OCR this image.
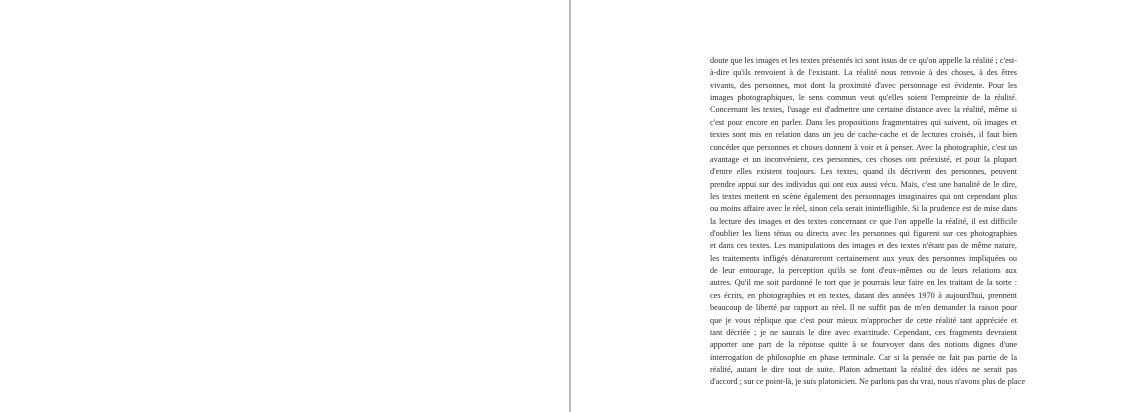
doute que les images et les textes présentés ici sont issus de ce qu'on appelle la réalité ; c'est-
à-dire qu'ils renvoient à de l'existant. La réalité nous renvoie à des choses, à des êtres
vivants, des personnes, mot dont la proximité d'avec personnage est évidente. Pour les
images photographiques, le sens commun veut qu'elles soient l'empreinte de la réalité.
Concernant les textes, l'usage est d'admettre une certaine distance avec la réalité, même si
c'est pour encore en parler. Dans les propositions fragmentaires qui suivent, où images et
textes sont mis en relation dans un jeu de cache-cache et de lectures croisés, il faut bien
concéder que personnes et choses donnent à voir et à penser. Avec la photographie, c'est un
avantage et un inconvénient, ces personnes, ces choses ont préexisté, et pour la plupart
d'entre elles existent toujours. Les textes, quand ils décrivent des personnes, peuvent
prendre appui sur des individus qui ont eux aussi vécu. Mais, c'est une banalité de le dire,
les textes mettent en scène également des personnages imaginaires qui ont cependant plus
ou moins affaire avec le réel, sinon cela serait inintelligible. Si la prudence est de mise dans
la lecture des images et des textes concernant ce que l'on appelle la réalité, il est difficile
d'oublier les liens ténus ou directs avec les personnes qui figurent sur ces photographies
et dans ces textes. Les manipulations des images et des textes n'étant pas de même nature,
les traitements infligés dénatureront certainement aux yeux des personnes impliquées ou
de leur entourage, la perception qu'ils se font d'eux-mêmes ou de leurs relations aux
autres. Qu'il me soit pardonné le tort que je pourrais leur faire en les traitant de la sorte :
ces écrits, en photographies et en textes, datant des années 1970 à aujourd'hui, prennent
beaucoup de liberté par rapport au réel. Il ne suffit pas de m'en demander la raison pour
que je vous réplique que c'est pour mieux m'approcher de cette réalité tant appréciée et
tant décriée ; je ne saurais le dire avec exactitude. Cependant, ces fragments devraient
apporter une part de la réponse quitte à se fourvoyer dans des notions dignes d'une
interrogation de philosophie en phase terminale. Car si la pensée ne fait pas partie de la
réalité, autant le dire tout de suite. Platon admettant la réalité des idées ne serait pas
d'accord ; sur ce point-là, je suis platonicien. Ne parlons pas du vrai, nous n'avons plus de place
